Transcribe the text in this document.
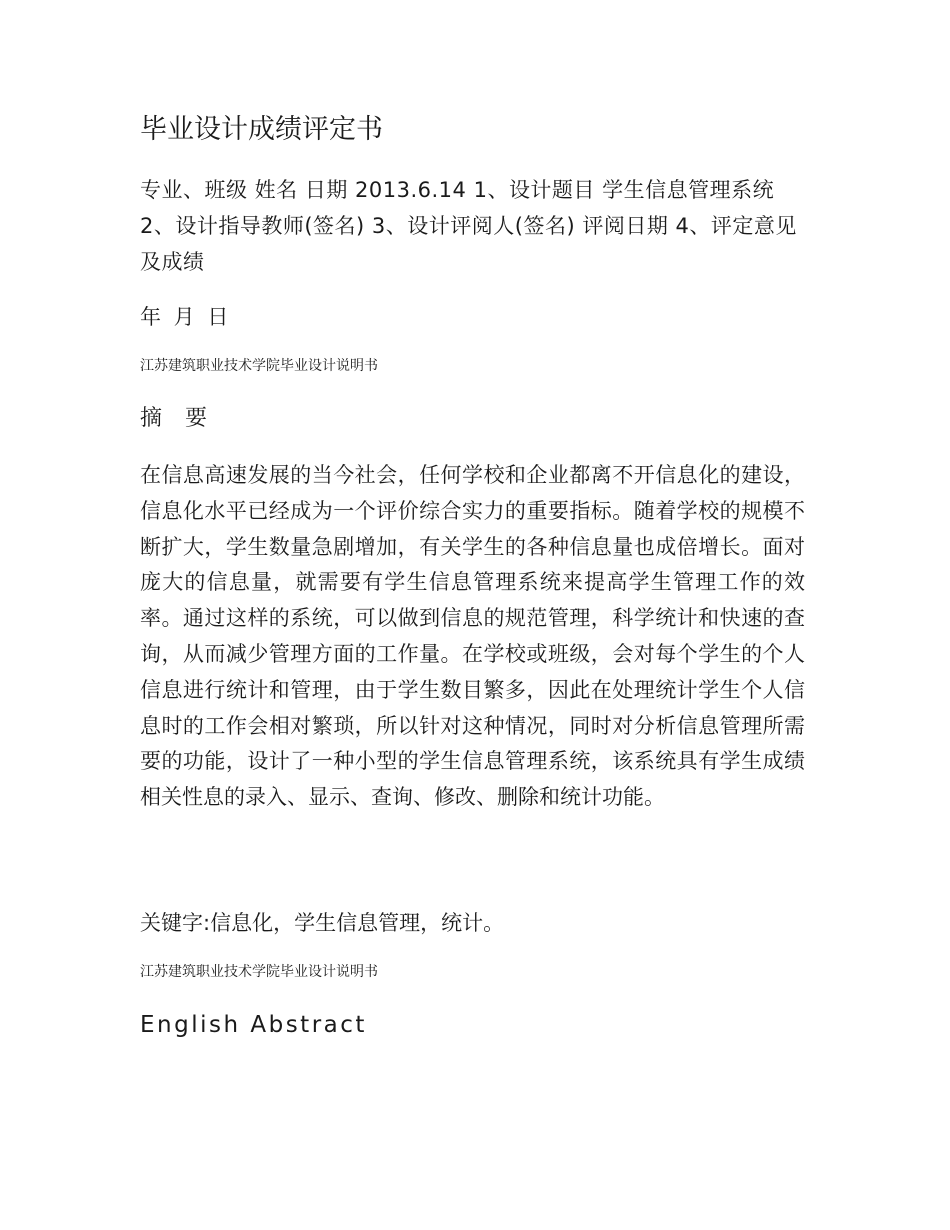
毕业设计成绩评定书
专业、班级 姓名 日期 2013.6.14 1、设计题目 学生信息管理系统 2、设计指导教师(签名) 3、设计评阅人(签名) 评阅日期 4、评定意见及成绩
年 月 日
江苏建筑职业技术学院毕业设计说明书
摘 要
在信息高速发展的当今社会，任何学校和企业都离不开信息化的建设，信息化水平已经成为一个评价综合实力的重要指标。随着学校的规模不断扩大，学生数量急剧增加，有关学生的各种信息量也成倍增长。面对庞大的信息量，就需要有学生信息管理系统来提高学生管理工作的效率。通过这样的系统，可以做到信息的规范管理，科学统计和快速的查询，从而减少管理方面的工作量。在学校或班级，会对每个学生的个人信息进行统计和管理，由于学生数目繁多，因此在处理统计学生个人信息时的工作会相对繁琐，所以针对这种情况，同时对分析信息管理所需要的功能，设计了一种小型的学生信息管理系统，该系统具有学生成绩相关性息的录入、显示、查询、修改、删除和统计功能。
关键字:信息化，学生信息管理，统计。
江苏建筑职业技术学院毕业设计说明书
English Abstract
